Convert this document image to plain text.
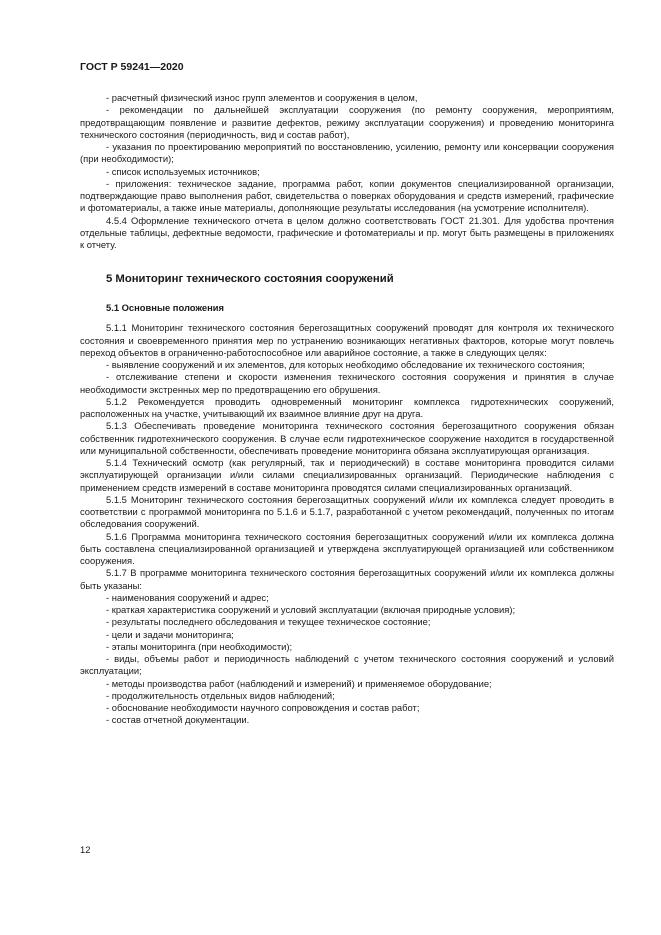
ГОСТ Р 59241—2020

- расчетный физический износ групп элементов и сооружения в целом,

- рекомендации по дальнейшей эксплуатации сооружения (по ремонту сооружения, мероприятиям, предотвращающим появление и развитие дефектов, режиму эксплуатации сооружения) и проведению мониторинга технического состояния (периодичность, вид и состав работ),

- указания по проектированию мероприятий по восстановлению, усилению, ремонту или консервации сооружения (при необходимости);

- список используемых источников;

- приложения: техническое задание, программа работ, копии документов специализированной организации, подтверждающие право выполнения работ, свидетельства о поверках оборудования и средств измерений, графические и фотоматериалы, а также иные материалы, дополняющие результаты исследования (на усмотрение исполнителя).

4.5.4 Оформление технического отчета в целом должно соответствовать ГОСТ 21.301. Для удобства прочтения отдельные таблицы, дефектные ведомости, графические и фотоматериалы и пр. могут быть размещены в приложениях к отчету.

5 Мониторинг технического состояния сооружений
5.1 Основные положения

5.1.1 Мониторинг технического состояния берегозащитных сооружений проводят для контроля их технического состояния и своевременного принятия мер по устранению возникающих негативных факторов, которые могут повлечь переход объектов в ограниченно-работоспособное или аварийное состояние, а также в следующих целях:

- выявление сооружений и их элементов, для которых необходимо обследование их технического состояния;

- отслеживание степени и скорости изменения технического состояния сооружения и принятия в случае необходимости экстренных мер по предотвращению его обрушения.

5.1.2 Рекомендуется проводить одновременный мониторинг комплекса гидротехнических сооружений, расположенных на участке, учитывающий их взаимное влияние друг на друга.

5.1.3 Обеспечивать проведение мониторинга технического состояния берегозащитного сооружения обязан собственник гидротехнического сооружения. В случае если гидротехническое сооружение находится в государственной или муниципальной собственности, обеспечивать проведение мониторинга обязана эксплуатирующая организация.

5.1.4 Технический осмотр (как регулярный, так и периодический) в составе мониторинга проводится силами эксплуатирующей организации и/или силами специализированных организаций. Периодические наблюдения с применением средств измерений в составе мониторинга проводятся силами специализированных организаций.

5.1.5 Мониторинг технического состояния берегозащитных сооружений и/или их комплекса следует проводить в соответствии с программой мониторинга по 5.1.6 и 5.1.7, разработанной с учетом рекомендаций, полученных по итогам обследования сооружений.

5.1.6 Программа мониторинга технического состояния берегозащитных сооружений и/или их комплекса должна быть составлена специализированной организацией и утверждена эксплуатирующей организацией или собственником сооружения.

5.1.7 В программе мониторинга технического состояния берегозащитных сооружений и/или их комплекса должны быть указаны:

- наименования сооружений и адрес;

- краткая характеристика сооружений и условий эксплуатации (включая природные условия);

- результаты последнего обследования и текущее техническое состояние;

- цели и задачи мониторинга;

- этапы мониторинга (при необходимости);

- виды, объемы работ и периодичность наблюдений с учетом технического состояния сооружений и условий эксплуатации;

- методы производства работ (наблюдений и измерений) и применяемое оборудование;

- продолжительность отдельных видов наблюдений;

- обоснование необходимости научного сопровождения и состав работ;

- состав отчетной документации.

12
